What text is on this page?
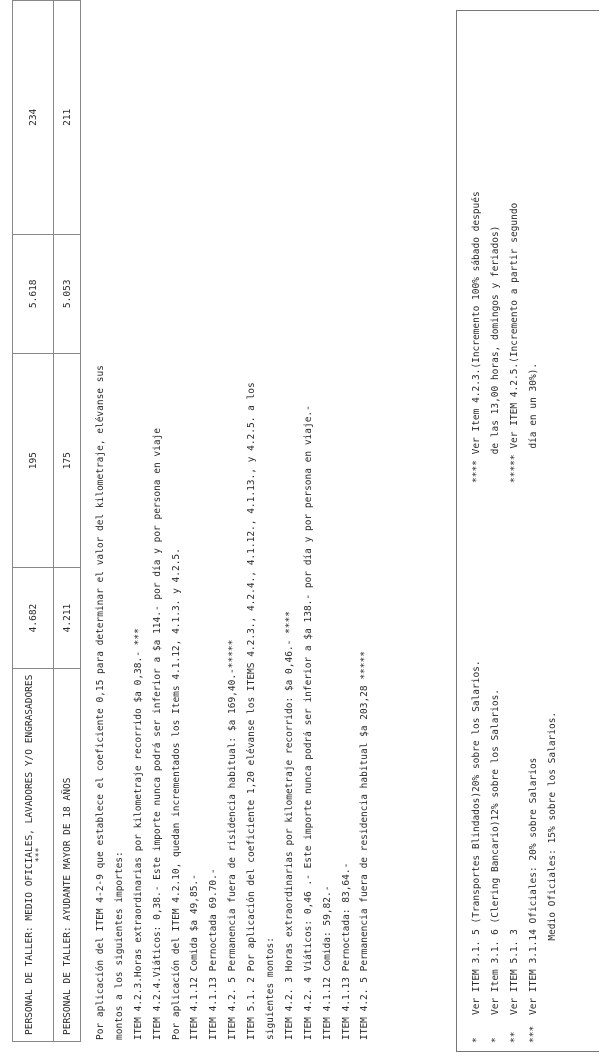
PERSONAL DE TALLER: MEDIO OFICIALES, LAVADORES Y/O ENGRASADORES ***	4.682	195	5.618	234
PERSONAL DE TALLER: AYUDANTE MAYOR DE 18 AÑOS	4.211	175	5.053	211
Por aplicación del ITEM 4-2-9 que establece el coeficiente 0,15 para determinar el valor del kilometraje, elévanse sus montos a los siguientes importes: ITEM 4.2.3.Horas extraordinarias por kilometraje recorrido $a 0,38.- *** ITEM 4.2.4.Viáticos: 0,38.- Este importe nunca podrá ser inferior a $a 114.- por día y por persona en viaje Por aplicación del ITEM 4.2.10, quedan incrementados los Items 4.1.12, 4.1.3. y 4.2.5. ITEM 4.1.12 Comida $a 49,85.- ITEM 4.1.13 Pernoctada 69.70.- ITEM 4.2. 5 Permanencia fuera de risidencia habitual: $a 169,40.-***** ITEM 5.1. 2 Por aplicación del coeficiente 1,20 elévanse los ITEMS 4.2.3., 4.2.4., 4.1.12., 4.1.13., y 4.2.5. a los siguientes montos: ITEM 4.2. 3 Horas extraordinarias por kilometraje recorrido: $a 0,46.- **** ITEM 4.2. 4 Viáticos: 0,46 .- Este importe nunca podrá ser inferior a $a 138.- por día y por persona en viaje.- ITEM 4.1.12 Comida: 59,82.- ITEM 4.1.13 Pernoctada: 83,64.- ITEM 4.2. 5 Permanencia fuera de residencia habitual $a 203,28 *****
*Ver ITEM 3.1. 5 (Transportes Blindados)20% sobre los Salarios.
*Ver Item 3.1. 6 (Clering Bancario)12% sobre los Salarios.
**Ver ITEM 5.1. 3
***Ver ITEM 3.1.14 Oficiales: 20% sobre Salarios Medio Oficiales: 15% sobre los Salarios.
**** Ver Item 4.2.3.(Incremento 100% sábado después de las 13,00 horas, domingos y feriados) ***** Ver ITEM 4.2.5.(Incremento a partir segundo día en un 30%).
